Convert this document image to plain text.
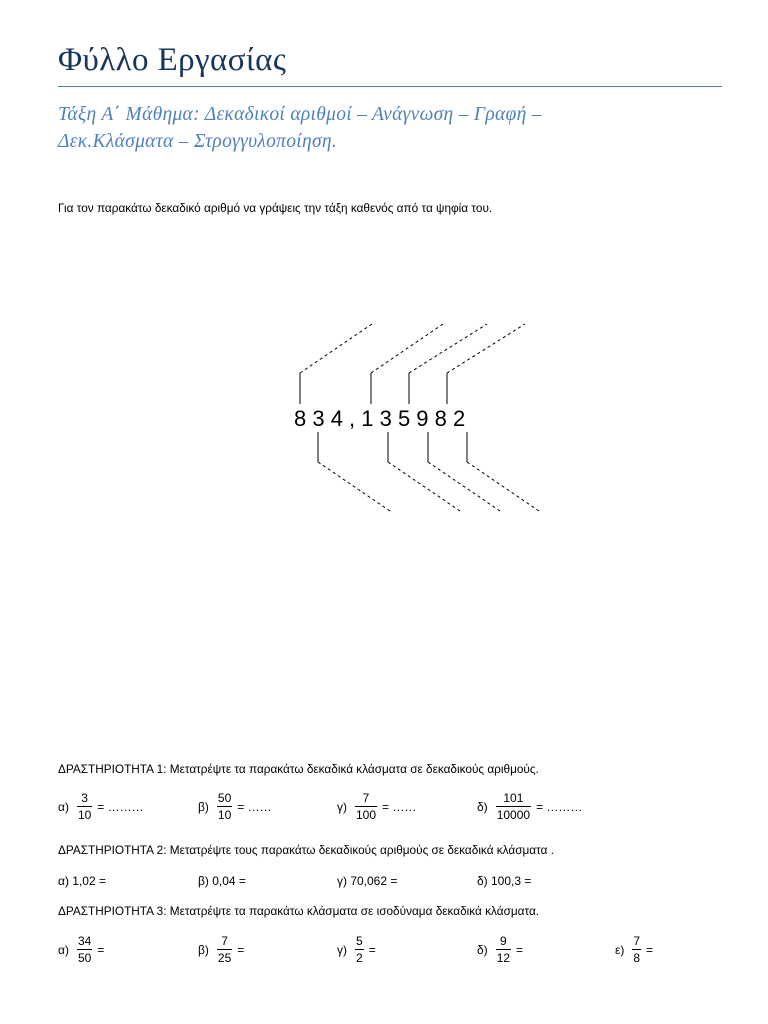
Φύλλο Εργασίας
Τάξη Α΄ Μάθημα: Δεκαδικοί αριθμοί – Ανάγνωση – Γραφή –
Δεκ.Κλάσματα – Στρογγυλοποίηση.
Για τον παρακάτω δεκαδικό αριθμό να γράψεις την τάξη καθενός από τα ψηφία του.
8 3 4 , 1 3 5 9 8 2
ΔΡΑΣΤΗΡΙΟΤΗΤΑ 1: Μετατρέψτε τα παρακάτω δεκαδικά κλάσματα σε δεκαδικούς αριθμούς.
$\alpha) \frac{3}{10}$ = ………	$\beta) \frac{50}{10}$ = ……	$\gamma) \frac{7}{100}$ = ……	$\delta) \frac{101}{10000}$ = ………
ΔΡΑΣΤΗΡΙΟΤΗΤΑ 2: Μετατρέψτε τους παρακάτω δεκαδικούς αριθμούς σε δεκαδικά κλάσματα .
α) 1,02 =	β) 0,04 =	γ) 70,062 =	δ) 100,3 =
ΔΡΑΣΤΗΡΙΟΤΗΤΑ 3: Μετατρέψτε τα παρακάτω κλάσματα σε ισοδύναμα δεκαδικά κλάσματα.
$\alpha) \frac{34}{50}$ =	$\beta) \frac{7}{25}$ =	$\gamma) \frac{5}{2}$ =	$\delta) \frac{9}{12}$ =	$\varepsilon) \frac{7}{8}$ =
